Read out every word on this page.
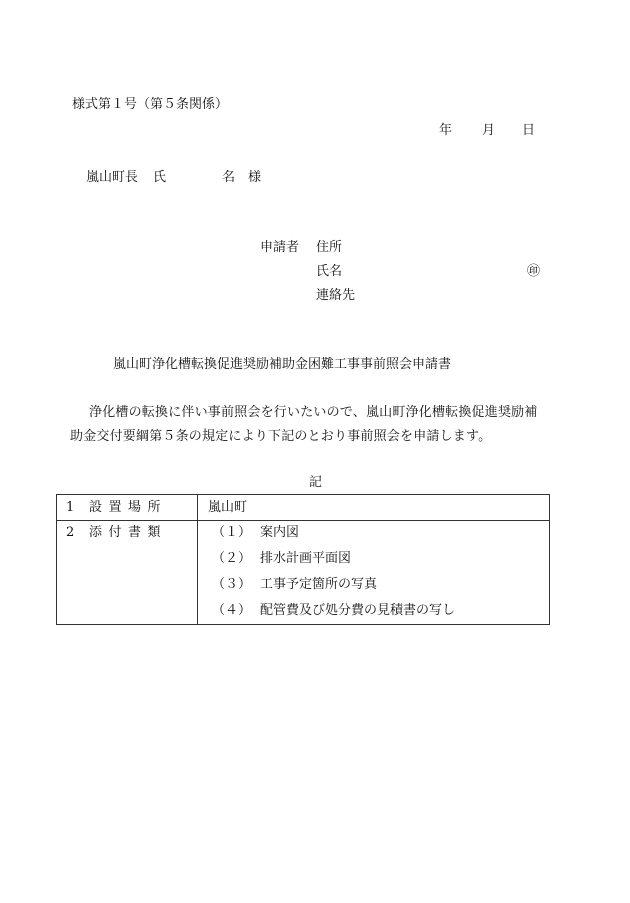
様式第１号（第５条関係）
年 月 日
嵐山町長 氏	名 様
申請者 住所
氏名	㊞
連絡先
嵐山町浄化槽転換促進奨励補助金困難工事事前照会申請書
浄化槽の転換に伴い事前照会を行いたいので、嵐山町浄化槽転換促進奨励補
助金交付要綱第５条の規定により下記のとおり事前照会を申請します。
記
1 設置場所	嵐山町
2 添付書類	（１） 案内図
（２） 排水計画平面図
（３） 工事予定箇所の写真
（４） 配管費及び処分費の見積書の写し
